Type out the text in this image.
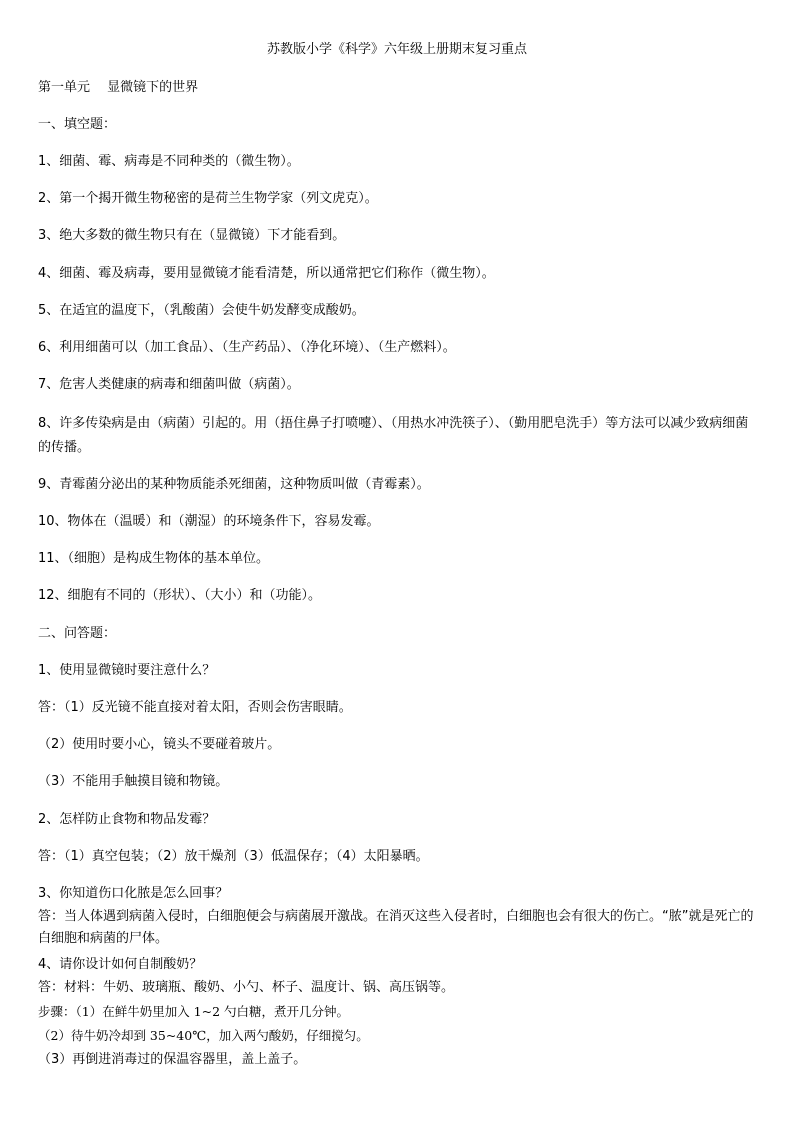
苏教版小学《科学》六年级上册期末复习重点
第一单元　 显微镜下的世界
一、填空题：
1、细菌、霉、病毒是不同种类的（微生物）。
2、第一个揭开微生物秘密的是荷兰生物学家（列文虎克）。
3、绝大多数的微生物只有在（显微镜）下才能看到。
4、细菌、霉及病毒，要用显微镜才能看清楚，所以通常把它们称作（微生物）。
5、在适宜的温度下，（乳酸菌）会使牛奶发酵变成酸奶。
6、利用细菌可以（加工食品）、（生产药品）、（净化环境）、（生产燃料）。
7、危害人类健康的病毒和细菌叫做（病菌）。
8、许多传染病是由（病菌）引起的。用（捂住鼻子打喷嚏）、（用热水冲洗筷子）、（勤用肥皂洗手）等方法可以减少致病细菌的传播。
9、青霉菌分泌出的某种物质能杀死细菌，这种物质叫做（青霉素）。
10、物体在（温暖）和（潮湿）的环境条件下，容易发霉。
11、（细胞）是构成生物体的基本单位。
12、细胞有不同的（形状）、（大小）和（功能）。
二、问答题：
1、使用显微镜时要注意什么？
答：（1）反光镜不能直接对着太阳，否则会伤害眼睛。
（2）使用时要小心，镜头不要碰着玻片。
（3）不能用手触摸目镜和物镜。
2、怎样防止食物和物品发霉？
答：（1）真空包装；（2）放干燥剂（3）低温保存；（4）太阳暴晒。
3、你知道伤口化脓是怎么回事？
答：当人体遇到病菌入侵时，白细胞便会与病菌展开激战。在消灭这些入侵者时，白细胞也会有很大的伤亡。“脓”就是死亡的白细胞和病菌的尸体。
4、请你设计如何自制酸奶？
答：材料：牛奶、玻璃瓶、酸奶、小勺、杯子、温度计、锅、高压锅等。
步骤：（1）在鲜牛奶里加入 1~2 勺白糖，煮开几分钟。
（2）待牛奶冷却到 35~40℃，加入两勺酸奶，仔细搅匀。
（3）再倒进消毒过的保温容器里，盖上盖子。
